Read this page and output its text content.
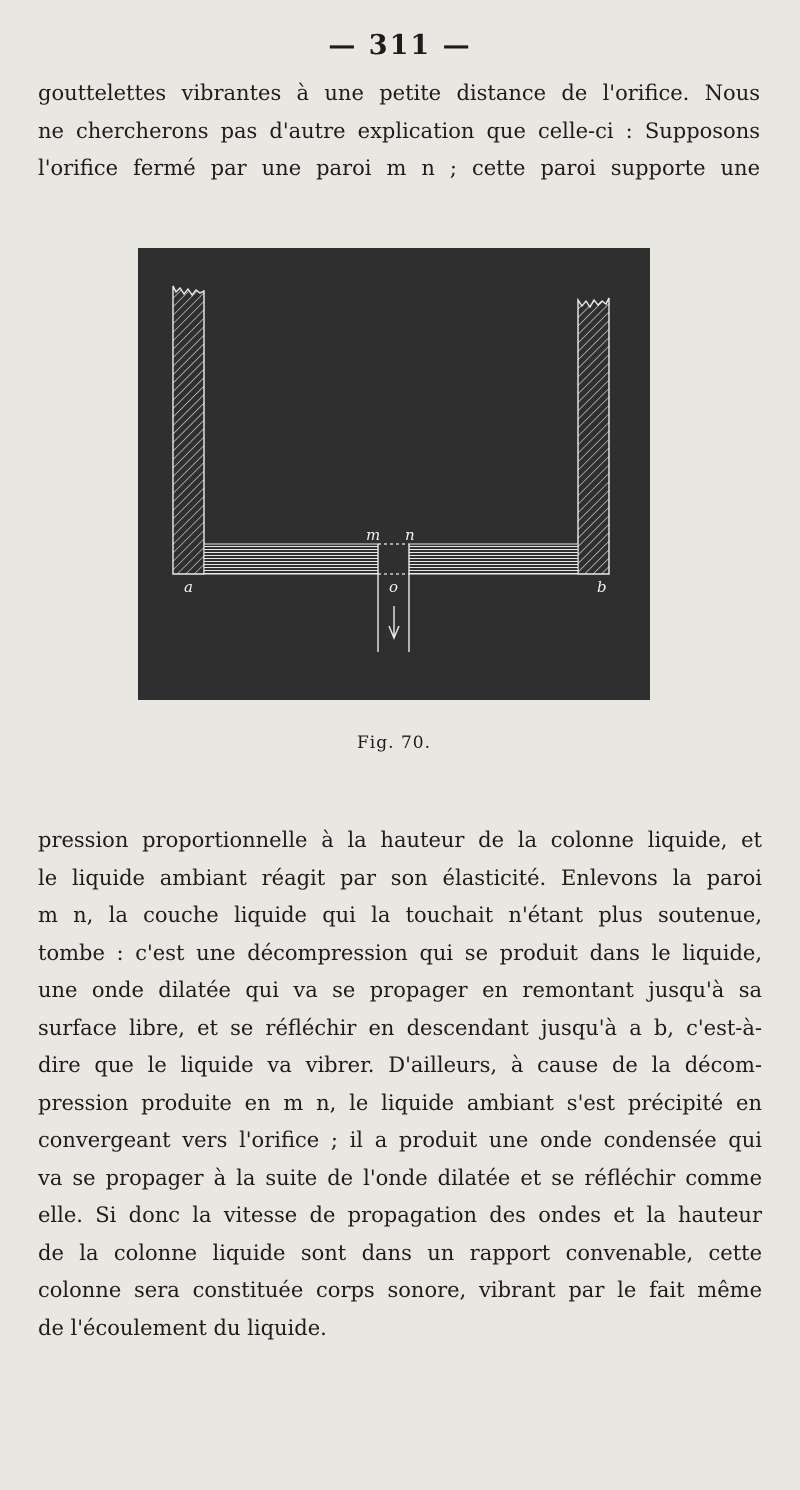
— 311 —

gouttelettes vibrantes à une petite distance de l'orifice. Nous
ne chercherons pas d'autre explication que celle-ci : Supposons
l'orifice fermé par une paroi m n ; cette paroi supporte une

m n
o
a	b
Fig. 70.

pression proportionnelle à la hauteur de la colonne liquide, et
le liquide ambiant réagit par son élasticité. Enlevons la paroi
m n, la couche liquide qui la touchait n'étant plus soutenue,
tombe : c'est une décompression qui se produit dans le liquide,
une onde dilatée qui va se propager en remontant jusqu'à sa
surface libre, et se réfléchir en descendant jusqu'à a b, c'est-à-
dire que le liquide va vibrer. D'ailleurs, à cause de la décom-
pression produite en m n, le liquide ambiant s'est précipité en
convergeant vers l'orifice ; il a produit une onde condensée qui
va se propager à la suite de l'onde dilatée et se réfléchir comme
elle. Si donc la vitesse de propagation des ondes et la hauteur
de la colonne liquide sont dans un rapport convenable, cette
colonne sera constituée corps sonore, vibrant par le fait même
de l'écoulement du liquide.
